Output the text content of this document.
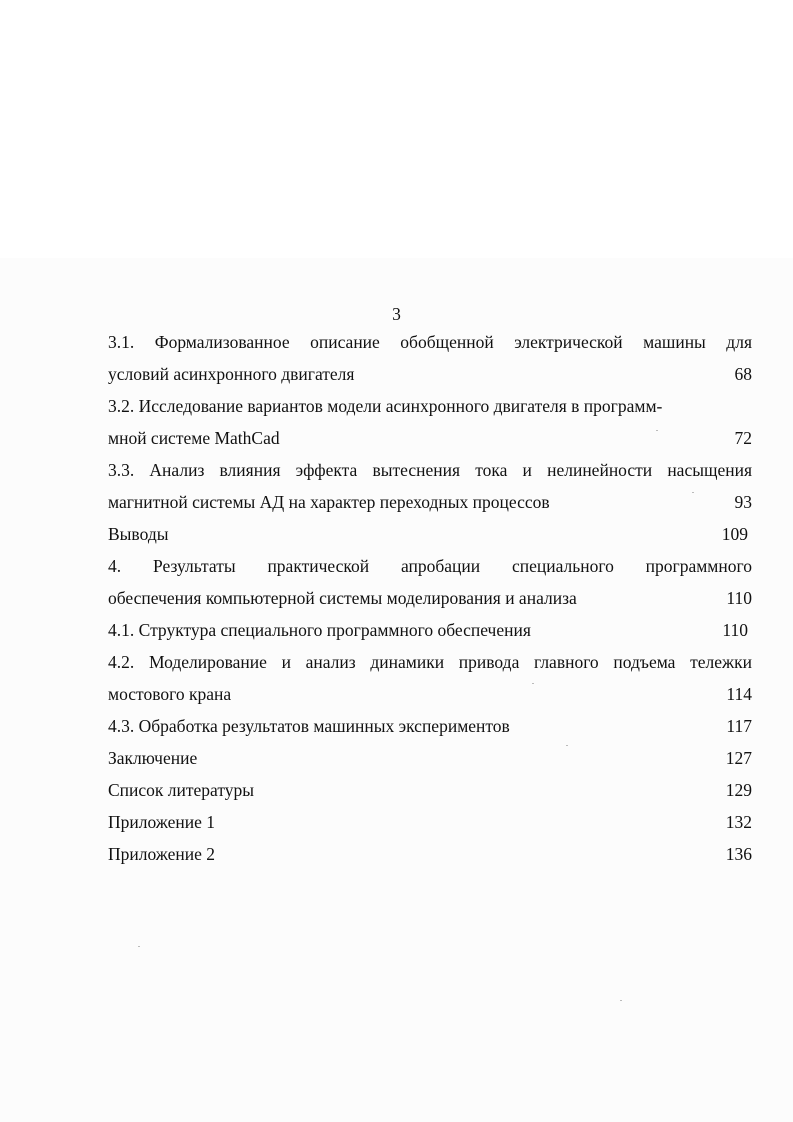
3
3.1. Формализованное описание обобщенной электрической машины для
условий асинхронного двигателя	68
3.2. Исследование вариантов модели асинхронного двигателя в программ-
мной системе MathCad	72
3.3. Анализ влияния эффекта вытеснения тока и нелинейности насыщения
магнитной системы АД на характер переходных процессов	93
Выводы	109
4. Результаты практической апробации специального программного
обеспечения компьютерной системы моделирования и анализа	110
4.1. Структура специального программного обеспечения	110
4.2. Моделирование и анализ динамики привода главного подъема тележки
мостового крана	114
4.3. Обработка результатов машинных экспериментов	117
Заключение	127
Список литературы	129
Приложение 1	132
Приложение 2	136
